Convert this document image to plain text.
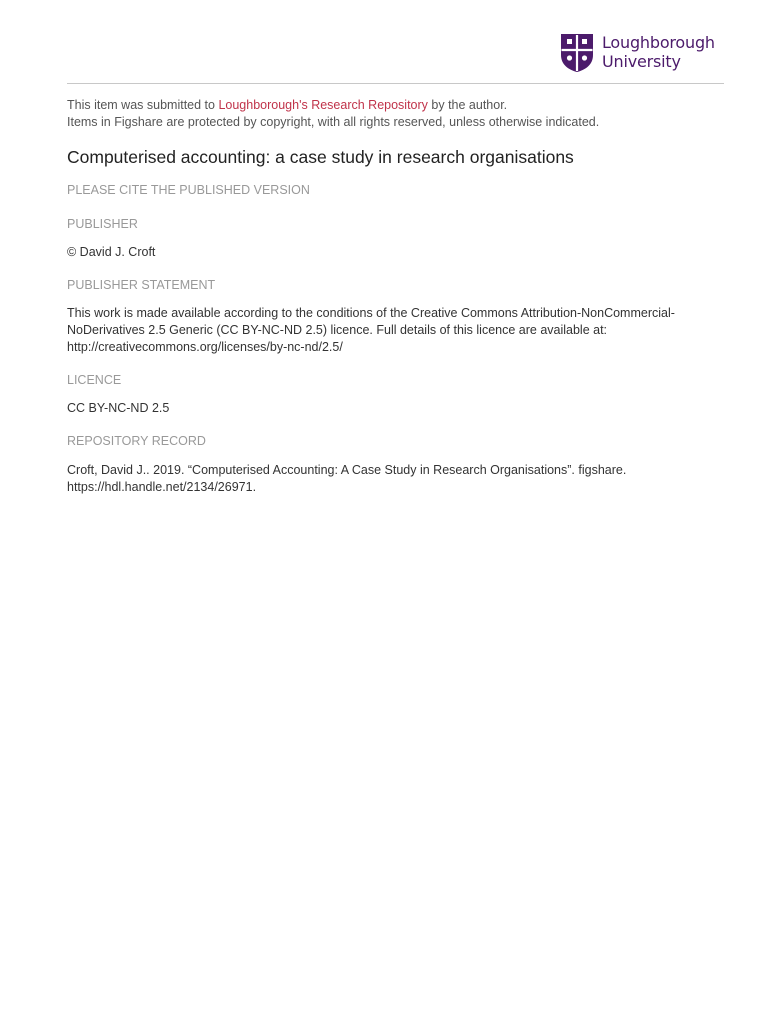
Loughborough
University
This item was submitted to Loughborough's Research Repository by the author.
Items in Figshare are protected by copyright, with all rights reserved, unless otherwise indicated.
Computerised accounting: a case study in research organisations
PLEASE CITE THE PUBLISHED VERSION
PUBLISHER
© David J. Croft
PUBLISHER STATEMENT
This work is made available according to the conditions of the Creative Commons Attribution-NonCommercial-
NoDerivatives 2.5 Generic (CC BY-NC-ND 2.5) licence. Full details of this licence are available at:
http://creativecommons.org/licenses/by-nc-nd/2.5/
LICENCE
CC BY-NC-ND 2.5
REPOSITORY RECORD
Croft, David J.. 2019. “Computerised Accounting: A Case Study in Research Organisations”. figshare.
https://hdl.handle.net/2134/26971.
